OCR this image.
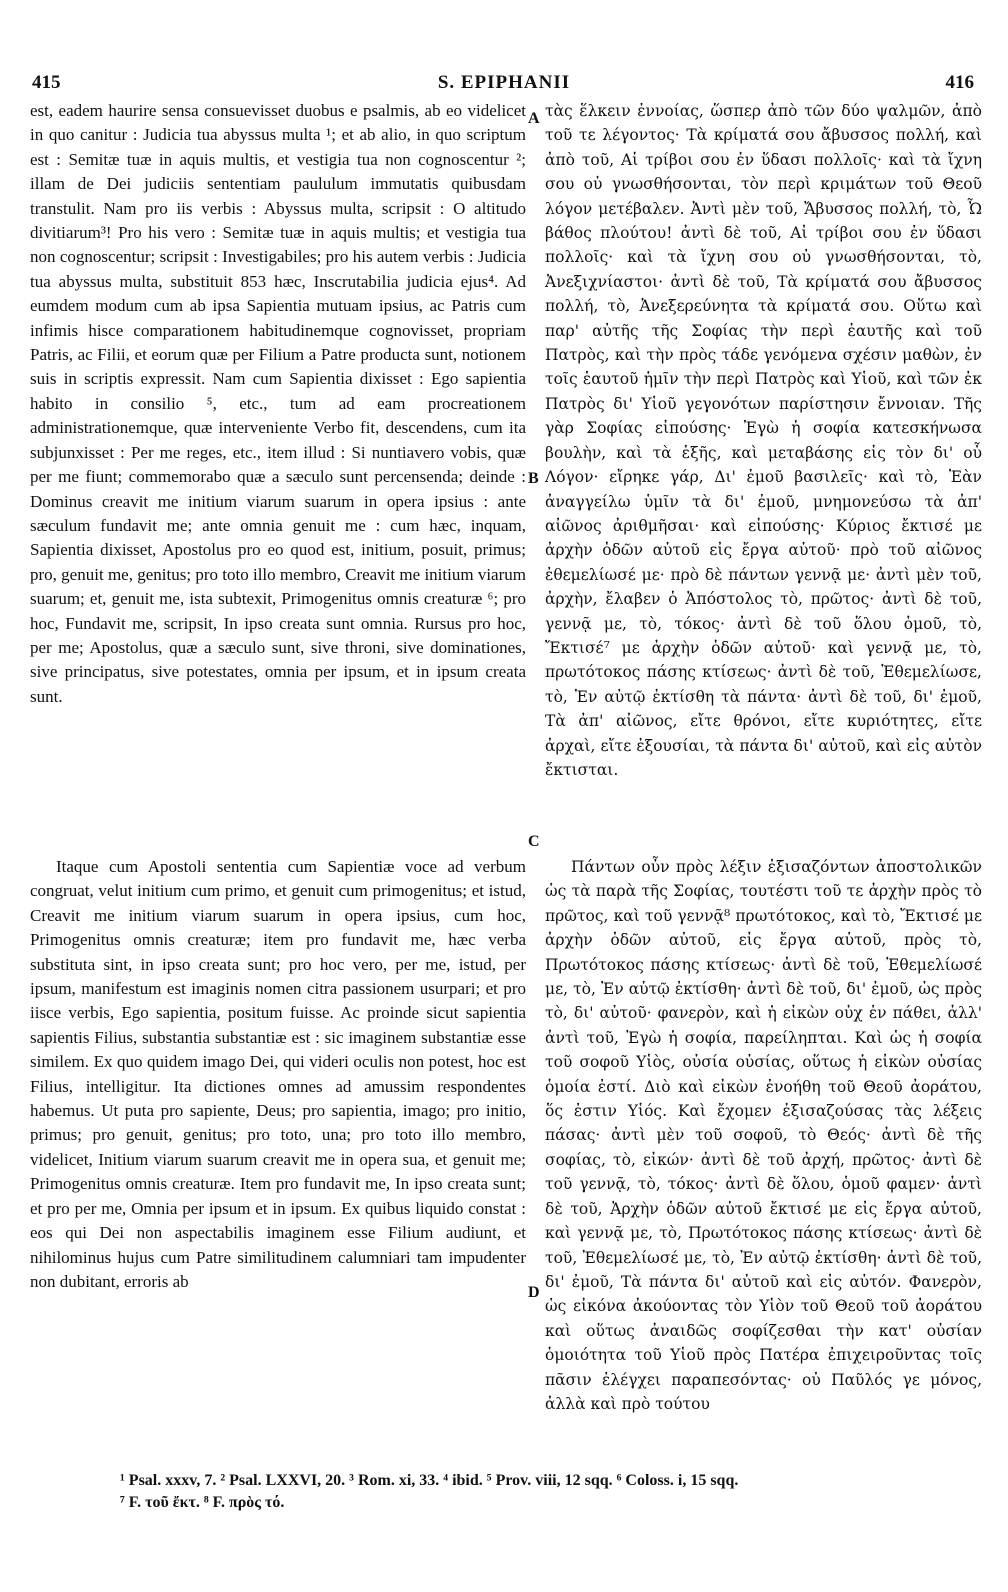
415	S. EPIPHANII	416

est, eadem haurire sensa consuevisset duobus e psalmis, ab eo videlicet in quo canitur : Judicia tua abyssus multa ¹; et ab alio, in quo scriptum est : Semitæ tuæ in aquis multis, et vestigia tua non cognoscentur ²; illam de Dei judiciis sententiam paululum immutatis quibusdam transtulit. Nam pro iis verbis : Abyssus multa, scripsit : O altitudo divitiarum³! Pro his vero : Semitæ tuæ in aquis multis; et vestigia tua non cognoscentur; scripsit : Investigabiles; pro his autem verbis : Judicia tua abyssus multa, substituit 853 hæc, Inscrutabilia judicia ejus⁴. Ad eumdem modum cum ab ipsa Sapientia mutuam ipsius, ac Patris cum infimis hisce comparationem habitudinemque cognovisset, propriam Patris, ac Filii, et eorum quæ per Filium a Patre producta sunt, notionem suis in scriptis expressit. Nam cum Sapientia dixisset : Ego sapientia habito in consilio ⁵, etc., tum ad eam procreationem administrationemque, quæ interveniente Verbo fit, descendens, cum ita subjunxisset : Per me reges, etc., item illud : Si nuntiavero vobis, quæ per me fiunt; commemorabo quæ a sæculo sunt percensenda; deinde : Dominus creavit me initium viarum suarum in opera ipsius : ante sæculum fundavit me; ante omnia genuit me : cum hæc, inquam, Sapientia dixisset, Apostolus pro eo quod est, initium, posuit, primus; pro, genuit me, genitus; pro toto illo membro, Creavit me initium viarum suarum; et, genuit me, ista subtexit, Primogenitus omnis creaturæ ⁶; pro hoc, Fundavit me, scripsit, In ipso creata sunt omnia. Rursus pro hoc, per me; Apostolus, quæ a sæculo sunt, sive throni, sive dominationes, sive principatus, sive potestates, omnia per ipsum, et in ipsum creata sunt.

τὰς ἕλκειν ἐννοίας, ὥσπερ ἀπὸ τῶν δύο ψαλμῶν, ἀπὸ τοῦ τε λέγοντος· Τὰ κρίματά σου ἄβυσσος πολλή, καὶ ἀπὸ τοῦ, Αἱ τρίβοι σου ἐν ὕδασι πολλοῖς· καὶ τὰ ἴχνη σου οὐ γνωσθήσονται, τὸν περὶ κριμάτων τοῦ Θεοῦ λόγον μετέβαλεν. Ἀντὶ μὲν τοῦ, Ἄβυσσος πολλή, τὸ, Ὦ βάθος πλούτου! ἀντὶ δὲ τοῦ, Αἱ τρίβοι σου ἐν ὕδασι πολλοῖς· καὶ τὰ ἴχνη σου οὐ γνωσθήσονται, τὸ, Ἀνεξιχνίαστοι· ἀντὶ δὲ τοῦ, Τὰ κρίματά σου ἄβυσσος πολλή, τὸ, Ἀνεξερεύνητα τὰ κρίματά σου. Οὕτω καὶ παρ' αὐτῆς τῆς Σοφίας τὴν περὶ ἑαυτῆς καὶ τοῦ Πατρὸς, καὶ τὴν πρὸς τάδε γενόμενα σχέσιν μαθὼν, ἐν τοῖς ἑαυτοῦ ἡμῖν τὴν περὶ Πατρὸς καὶ Υἱοῦ, καὶ τῶν ἐκ Πατρὸς δι' Υἱοῦ γεγονότων παρίστησιν ἔννοιαν. Τῆς γὰρ Σοφίας εἰπούσης· Ἐγὼ ἡ σοφία κατεσκήνωσα βουλὴν, καὶ τὰ ἑξῆς, καὶ μεταβάσης εἰς τὸν δι' οὗ Λόγον· εἴρηκε γάρ, Δι' ἐμοῦ βασιλεῖς· καὶ τὸ, Ἐὰν ἀναγγείλω ὑμῖν τὰ δι' ἐμοῦ, μνημονεύσω τὰ ἀπ' αἰῶνος ἀριθμῆσαι· καὶ εἰπούσης· Κύριος ἔκτισέ με ἀρχὴν ὁδῶν αὐτοῦ εἰς ἔργα αὐτοῦ· πρὸ τοῦ αἰῶνος ἐθεμελίωσέ με· πρὸ δὲ πάντων γεννᾷ με· ἀντὶ μὲν τοῦ, ἀρχὴν, ἔλαβεν ὁ Ἀπόστολος τὸ, πρῶτος· ἀντὶ δὲ τοῦ, γεννᾷ με, τὸ, τόκος· ἀντὶ δὲ τοῦ ὅλου ὁμοῦ, τὸ, Ἔκτισέ⁷ με ἀρχὴν ὁδῶν αὐτοῦ· καὶ γεννᾷ με, τὸ, πρωτότοκος πάσης κτίσεως· ἀντὶ δὲ τοῦ, Ἐθεμελίωσε, τὸ, Ἐν αὐτῷ ἐκτίσθη τὰ πάντα· ἀντὶ δὲ τοῦ, δι' ἐμοῦ, Τὰ ἀπ' αἰῶνος, εἴτε θρόνοι, εἴτε κυριότητες, εἴτε ἀρχαὶ, εἴτε ἐξουσίαι, τὰ πάντα δι' αὐτοῦ, καὶ εἰς αὐτὸν ἔκτισται.

Itaque cum Apostoli sententia cum Sapientiæ voce ad verbum congruat, velut initium cum primo, et genuit cum primogenitus; et istud, Creavit me initium viarum suarum in opera ipsius, cum hoc, Primogenitus omnis creaturæ; item pro fundavit me, hæc verba substituta sint, in ipso creata sunt; pro hoc vero, per me, istud, per ipsum, manifestum est imaginis nomen citra passionem usurpari; et pro iisce verbis, Ego sapientia, positum fuisse. Ac proinde sicut sapientia sapientis Filius, substantia substantiæ est : sic imaginem substantiæ esse similem. Ex quo quidem imago Dei, qui videri oculis non potest, hoc est Filius, intelligitur. Ita dictiones omnes ad amussim respondentes habemus. Ut puta pro sapiente, Deus; pro sapientia, imago; pro initio, primus; pro genuit, genitus; pro toto, una; pro toto illo membro, videlicet, Initium viarum suarum creavit me in opera sua, et genuit me; Primogenitus omnis creaturæ. Item pro fundavit me, In ipso creata sunt; et pro per me, Omnia per ipsum et in ipsum. Ex quibus liquido constat : eos qui Dei non aspectabilis imaginem esse Filium audiunt, et nihilominus hujus cum Patre similitudinem calumniari tam impudenter non dubitant, erroris ab

Πάντων οὖν πρὸς λέξιν ἐξισαζόντων ἀποστολικῶν ὡς τὰ παρὰ τῆς Σοφίας, τουτέστι τοῦ τε ἀρχὴν πρὸς τὸ πρῶτος, καὶ τοῦ γεννᾷ⁸ πρωτότοκος, καὶ τὸ, Ἔκτισέ με ἀρχὴν ὁδῶν αὐτοῦ, εἰς ἔργα αὐτοῦ, πρὸς τὸ, Πρωτότοκος πάσης κτίσεως· ἀντὶ δὲ τοῦ, Ἐθεμελίωσέ με, τὸ, Ἐν αὐτῷ ἐκτίσθη· ἀντὶ δὲ τοῦ, δι' ἐμοῦ, ὡς πρὸς τὸ, δι' αὐτοῦ· φανερὸν, καὶ ἡ εἰκὼν οὐχ ἐν πάθει, ἀλλ' ἀντὶ τοῦ, Ἐγὼ ἡ σοφία, παρείληπται. Καὶ ὡς ἡ σοφία τοῦ σοφοῦ Υἱὸς, οὐσία οὐσίας, οὕτως ἡ εἰκὼν οὐσίας ὁμοία ἐστί. Διὸ καὶ εἰκὼν ἐνοήθη τοῦ Θεοῦ ἀοράτου, ὅς ἐστιν Υἱός. Καὶ ἔχομεν ἐξισαζούσας τὰς λέξεις πάσας· ἀντὶ μὲν τοῦ σοφοῦ, τὸ Θεός· ἀντὶ δὲ τῆς σοφίας, τὸ, εἰκών· ἀντὶ δὲ τοῦ ἀρχή, πρῶτος· ἀντὶ δὲ τοῦ γεννᾷ, τὸ, τόκος· ἀντὶ δὲ ὅλου, ὁμοῦ φαμεν· ἀντὶ δὲ τοῦ, Ἀρχὴν ὁδῶν αὐτοῦ ἔκτισέ με εἰς ἔργα αὐτοῦ, καὶ γεννᾷ με, τὸ, Πρωτότοκος πάσης κτίσεως· ἀντὶ δὲ τοῦ, Ἐθεμελίωσέ με, τὸ, Ἐν αὐτῷ ἐκτίσθη· ἀντὶ δὲ τοῦ, δι' ἐμοῦ, Τὰ πάντα δι' αὐτοῦ καὶ εἰς αὐτόν. Φανερὸν, ὡς εἰκόνα ἀκούοντας τὸν Υἱὸν τοῦ Θεοῦ τοῦ ἀοράτου καὶ οὕτως ἀναιδῶς σοφίζεσθαι τὴν κατ' οὐσίαν ὁμοιότητα τοῦ Υἱοῦ πρὸς Πατέρα ἐπιχειροῦντας τοῖς πᾶσιν ἐλέγχει παραπεσόντας· οὐ Παῦλός γε μόνος, ἀλλὰ καὶ πρὸ τούτου

A
B
C
D

¹ Psal. xxxv, 7. ² Psal. LXXVI, 20. ³ Rom. xi, 33. ⁴ ibid. ⁵ Prov. viii, 12 sqq. ⁶ Coloss. i, 15 sqq.

⁷ F. τοῦ ἔκτ. ⁸ F. πρὸς τό.
